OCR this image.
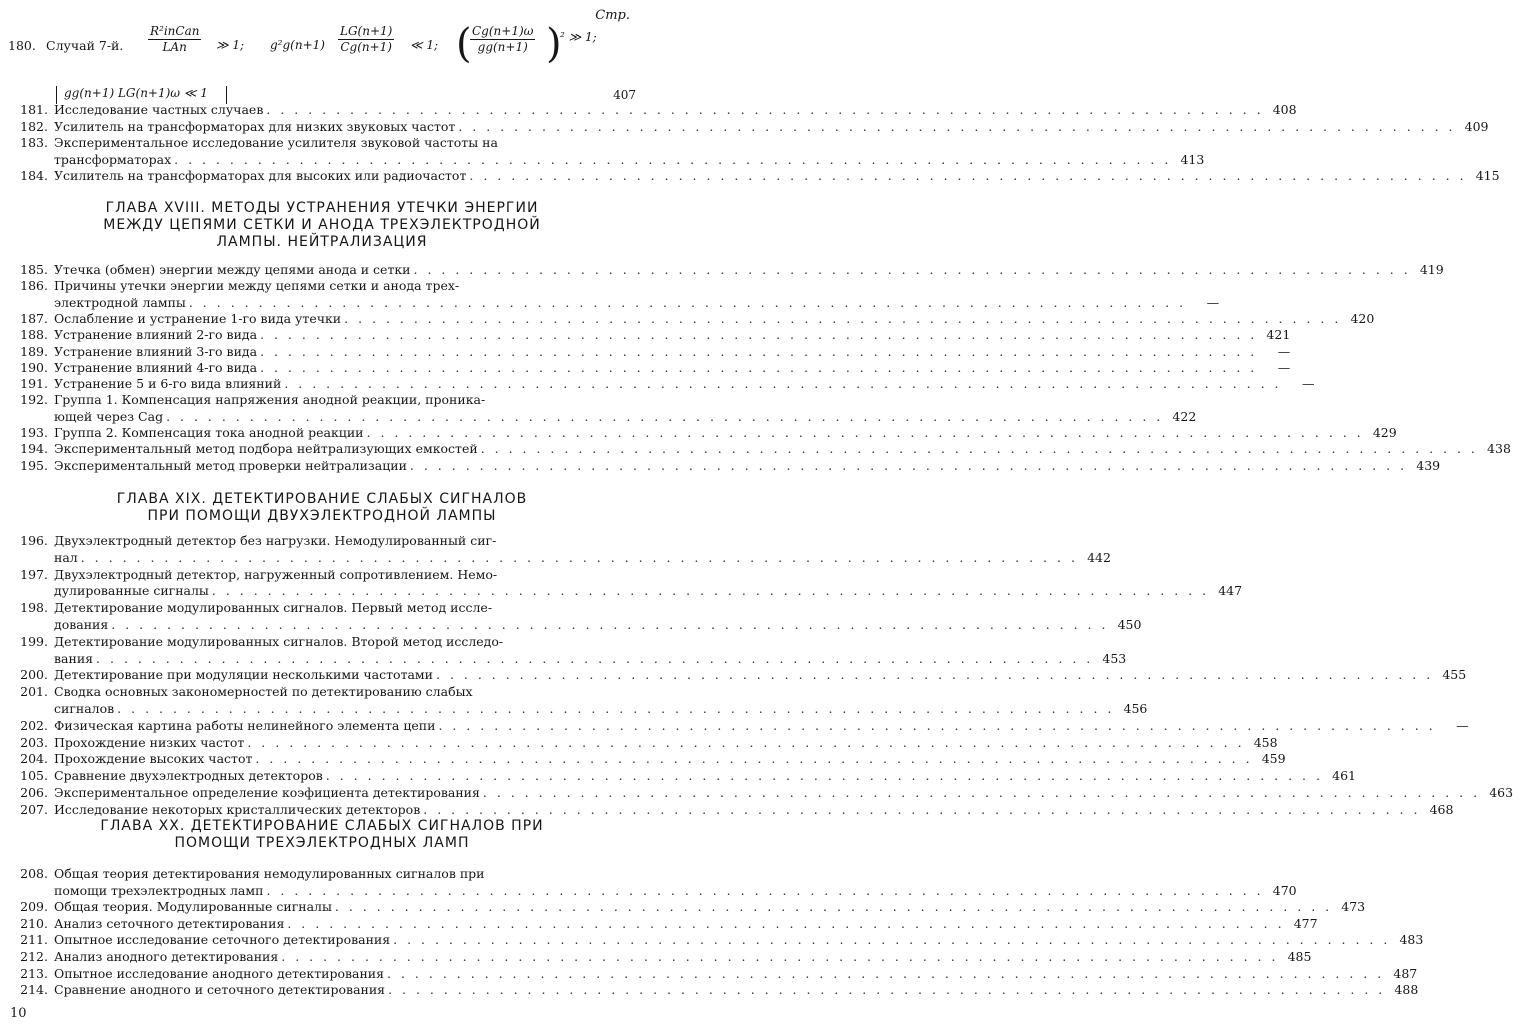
Стр.
180. Случай 7-й.
R²inCan
LAn	≫ 1; $g^2g(n+1) \frac{LG(n+1)}{Cg(n+1)}$ ≪ 1; (
$\frac{Cg(n+1)\omega}{gg(n+1)}$ )
² ≫ 1;
gg(n+1) LG(n+1)ω ≪ 1	407
ГЛАВА XVIII. МЕТОДЫ УСТРАНЕНИЯ УТЕЧКИ ЭНЕРГИИ
МЕЖДУ ЦЕПЯМИ СЕТКИ И АНОДА ТРЕХЭЛЕКТРОДНОЙ
ЛАМПЫ. НЕЙТРАЛИЗАЦИЯ
ГЛАВА XIX. ДЕТЕКТИРОВАНИЕ СЛАБЫХ СИГНАЛОВ
ПРИ ПОМОЩИ ДВУХЭЛЕКТРОДНОЙ ЛАМПЫ
ГЛАВА XX. ДЕТЕКТИРОВАНИЕ СЛАБЫХ СИГНАЛОВ ПРИ
ПОМОЩИ ТРЕХЭЛЕКТРОДНЫХ ЛАМП
10
181. Исследование частных случаев . . .	408
182. Усилитель на трансформаторах для низких звуковых частот . . .	409
183. Экспериментальное исследование усилителя звуковой частоты на
трансформаторах . . .	413
184. Усилитель на трансформаторах для высоких или радиочастот . . .	415
185. Утечка (обмен) энергии между цепями анода и сетки . . .	419
186. Причины утечки энергии между цепями сетки и анода трех-
электродной лампы . . .	—
187. Ослабление и устранение 1-го вида утечки . . .	420
188. Устранение влияний 2-го вида . . .	421
189. Устранение влияний 3-го вида . . .	—
190. Устранение влияний 4-го вида . . .	—
191. Устранение 5 и 6-го вида влияний . . .	—
192. Группа 1. Компенсация напряжения анодной реакции, проника-
ющей через Cag . . .	422
193. Группа 2. Компенсация тока анодной реакции . . .	429
194. Экспериментальный метод подбора нейтрализующих емкостей . . .	438
195. Экспериментальный метод проверки нейтрализации . . .	439
196. Двухэлектродный детектор без нагрузки. Немодулированный сиг-
нал . . .	442
197. Двухэлектродный детектор, нагруженный сопротивлением. Немо-
дулированные сигналы . . .	447
198. Детектирование модулированных сигналов. Первый метод иссле-
дования . . .	450
199. Детектирование модулированных сигналов. Второй метод исследо-
вания . . .	453
200. Детектирование при модуляции несколькими частотами . . .	455
201. Сводка основных закономерностей по детектированию слабых
сигналов . . .	456
202. Физическая картина работы нелинейного элемента цепи . . .	—
203. Прохождение низких частот . . .	458
204. Прохождение высоких частот . . .	459
105. Сравнение двухэлектродных детекторов . . .	461
206. Экспериментальное определение коэфициента детектирования . . .	463
207. Исследование некоторых кристаллических детекторов . . .	468
208. Общая теория детектирования немодулированных сигналов при
помощи трехэлектродных ламп . . .	470
209. Общая теория. Модулированные сигналы . . .	473
210. Анализ сеточного детектирования . . .	477
211. Опытное исследование сеточного детектирования . . .	483
212. Анализ анодного детектирования . . .	485
213. Опытное исследование анодного детектирования . . .	487
214. Сравнение анодного и сеточного детектирования . . .	488
